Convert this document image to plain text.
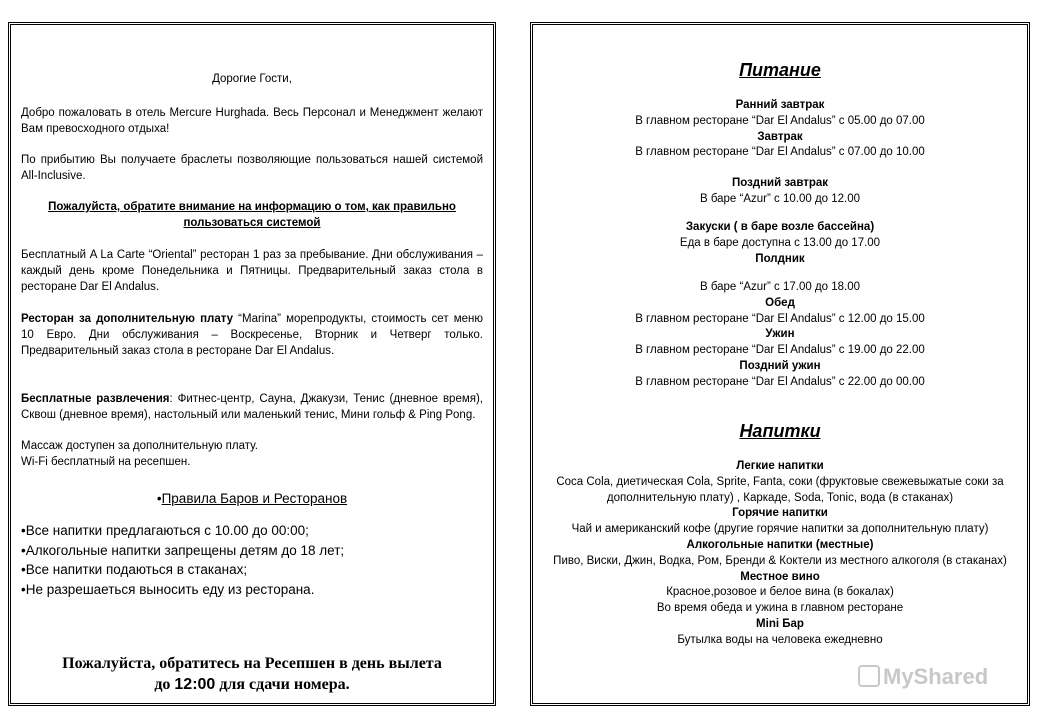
Дорогие Гости,
Добро пожаловать в отель Mercure Hurghada. Весь Персонал и Менеджмент желают Вам превосходного отдыха!
По прибытию Вы получаете браслеты позволяющие пользоваться нашей системой All-Inclusive.
Пожалуйста, обратите внимание на информацию о том, как правильно пользоваться системой
Бесплатный A La Carte “Oriental” ресторан 1 раз за пребывание. Дни обслуживания – каждый день кроме Понедельника и Пятницы. Предварительный заказ стола в ресторане Dar El Andalus.
Ресторан за дополнительную плату “Marina” морепродукты, стоимость сет меню 10 Евро. Дни обслуживания – Воскресенье, Вторник и Четверг только. Предварительный заказ стола в ресторане Dar El Andalus.
Бесплатные развлечения: Фитнес-центр, Сауна, Джакузи, Тенис (дневное время), Сквош (дневное время), настольный или маленький тенис, Мини гольф & Ping Pong.
Массаж доступен за дополнительную плату.
Wi-Fi бесплатный на ресепшен.
•Правила Баров и Ресторанов
•Все напитки предлагаються с 10.00 до 00:00;
•Алкогольные напитки запрещены детям до 18 лет;
•Все напитки подаються в стаканах;
•Не разрешаеться выносить еду из ресторана.
Пожалуйста, обратитесь на Ресепшен в день вылета
до 12:00 для сдачи номера.
Питание
Ранний завтрак
В главном ресторане “Dar El Andalus” с 05.00 до 07.00
Завтрак
В главном ресторане “Dar El Andalus” с 07.00 до 10.00
Поздний завтрак
В баре “Azur” с 10.00 до 12.00
Закуски ( в баре возле бассейна)
Еда в баре доступна с 13.00 до 17.00
Полдник
В баре “Azur” с 17.00 до 18.00
Обед
В главном ресторане “Dar El Andalus” с 12.00 до 15.00
Ужин
В главном ресторане “Dar El Andalus” с 19.00 до 22.00
Поздний ужин
В главном ресторане “Dar El Andalus” с 22.00 до 00.00
Напитки
Легкие напитки
Coca Cola, диетическая Cola, Sprite, Fanta, соки (фруктовые свежевыжатые соки за дополнительную плату) , Каркаде, Soda, Tonic, вода (в стаканах)
Горячие напитки
Чай и американский кофе (другие горячие напитки за дополнительную плату)
Алкогольные напитки (местные)
Пиво, Виски, Джин, Водка, Ром, Бренди & Коктели из местного алкоголя (в стаканах)
Местное вино
Красное,розовое и белое вина (в бокалах)
Во время обеда и ужина в главном ресторане
Mini Бар
Бутылка воды на человека ежедневно
MyShared
